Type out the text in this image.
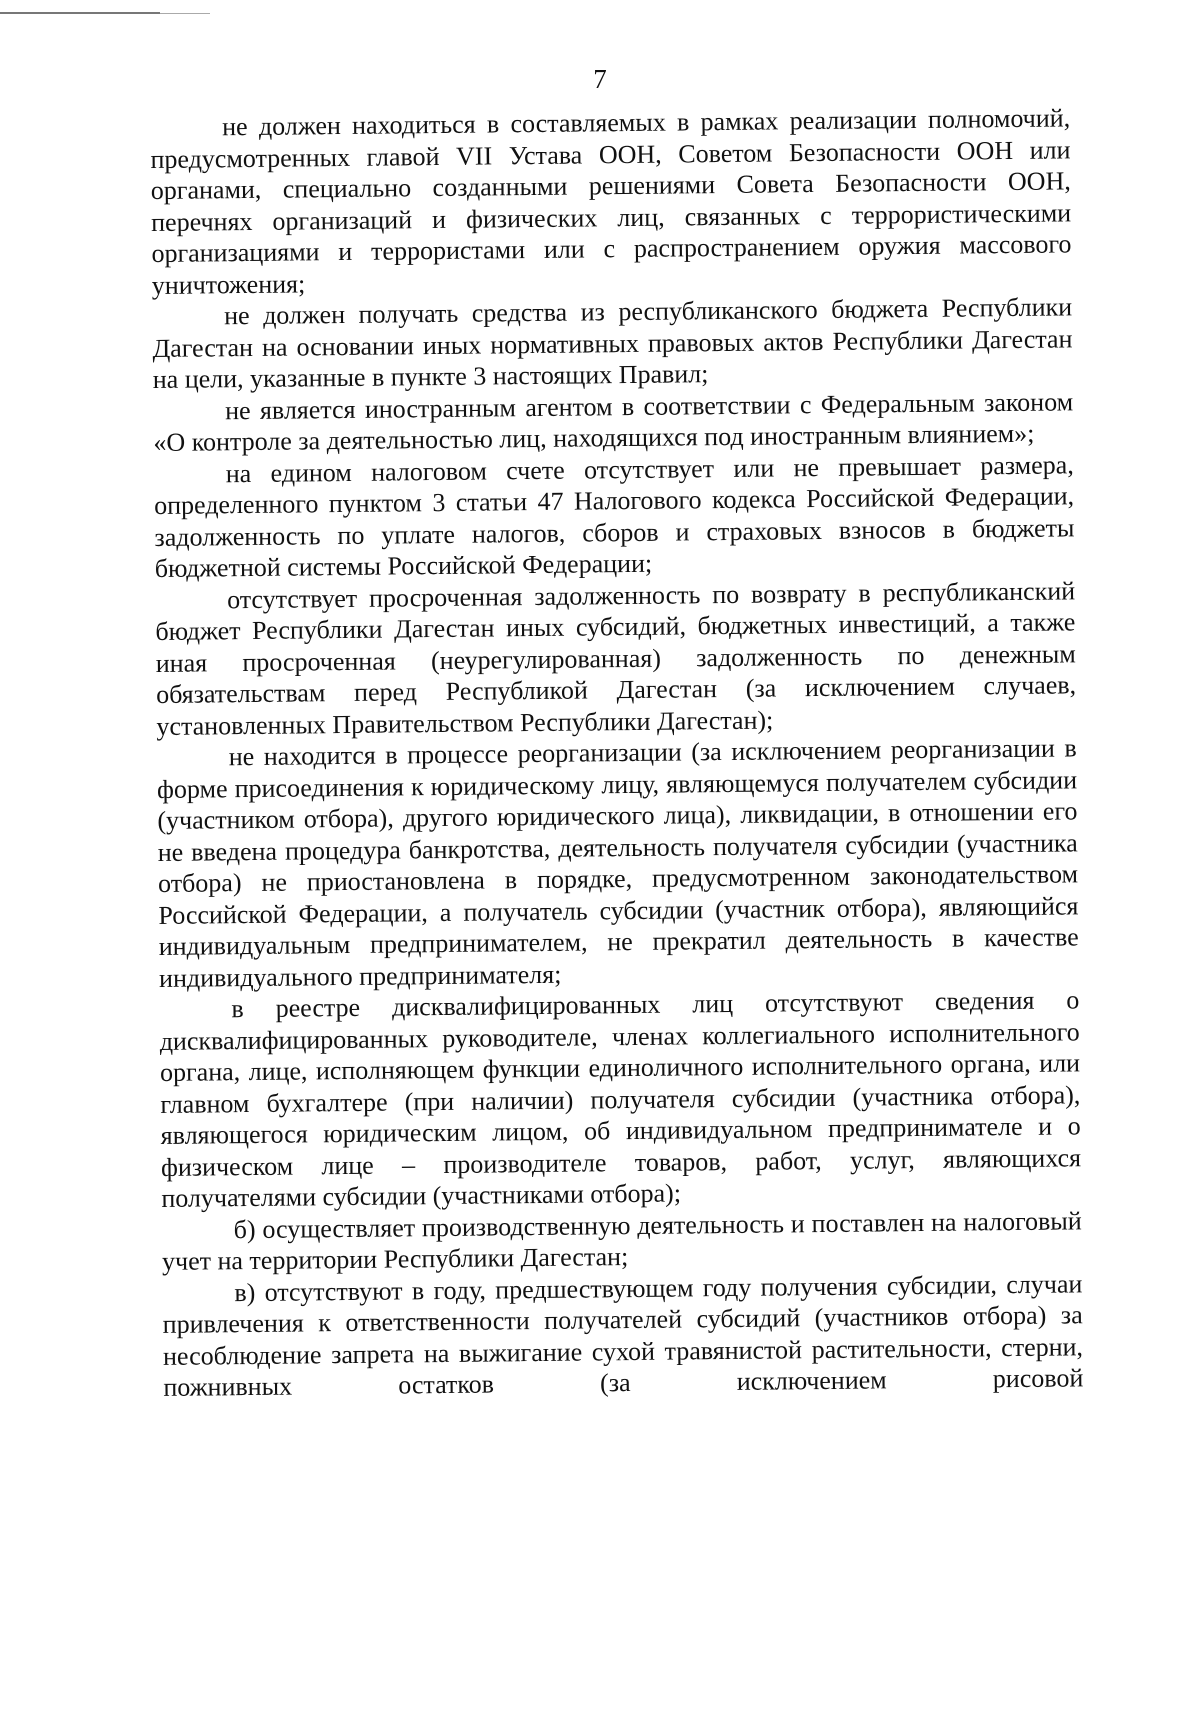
7

не должен находиться в составляемых в рамках реализации полномочий, предусмотренных главой VII Устава ООН, Советом Безопасности ООН или органами, специально созданными решениями Совета Безопасности ООН, перечнях организаций и физических лиц, связанных с террористическими организациями и террористами или с распространением оружия массового уничтожения;

не должен получать средства из республиканского бюджета Республики Дагестан на основании иных нормативных правовых актов Республики Дагестан на цели, указанные в пункте 3 настоящих Правил;

не является иностранным агентом в соответствии с Федеральным законом «О контроле за деятельностью лиц, находящихся под иностранным влиянием»;

на едином налоговом счете отсутствует или не превышает размера, определенного пунктом 3 статьи 47 Налогового кодекса Российской Федерации, задолженность по уплате налогов, сборов и страховых взносов в бюджеты бюджетной системы Российской Федерации;

отсутствует просроченная задолженность по возврату в республиканский бюджет Республики Дагестан иных субсидий, бюджетных инвестиций, а также иная просроченная (неурегулированная) задолженность по денежным обязательствам перед Республикой Дагестан (за исключением случаев, установленных Правительством Республики Дагестан);

не находится в процессе реорганизации (за исключением реорганизации в форме присоединения к юридическому лицу, являющемуся получателем субсидии (участником отбора), другого юридического лица), ликвидации, в отношении его не введена процедура банкротства, деятельность получателя субсидии (участника отбора) не приостановлена в порядке, предусмотренном законодательством Российской Федерации, а получатель субсидии (участник отбора), являющийся индивидуальным предпринимателем, не прекратил деятельность в качестве индивидуального предпринимателя;

в реестре дисквалифицированных лиц отсутствуют сведения о дисквалифицированных руководителе, членах коллегиального исполнительного органа, лице, исполняющем функции единоличного исполнительного органа, или главном бухгалтере (при наличии) получателя субсидии (участника отбора), являющегося юридическим лицом, об индивидуальном предпринимателе и о физическом лице – производителе товаров, работ, услуг, являющихся получателями субсидии (участниками отбора);

б) осуществляет производственную деятельность и поставлен на налоговый учет на территории Республики Дагестан;

в) отсутствуют в году, предшествующем году получения субсидии, случаи привлечения к ответственности получателей субсидий (участников отбора) за несоблюдение запрета на выжигание сухой травянистой растительности, стерни, пожнивных остатков (за исключением рисовой
